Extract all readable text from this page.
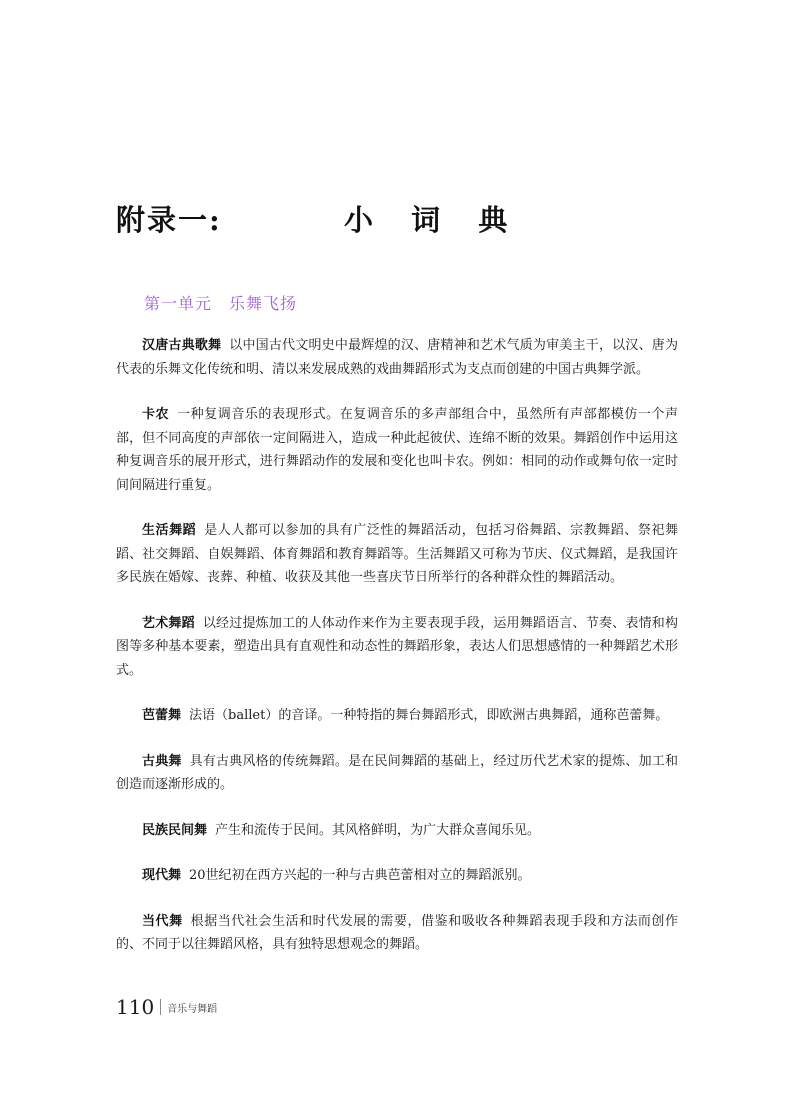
附录一:	小 词 典
第一单元　乐舞飞扬

汉唐古典歌舞 以中国古代文明史中最辉煌的汉、唐精神和艺术气质为审美主干，以汉、唐为代表的乐舞文化传统和明、清以来发展成熟的戏曲舞蹈形式为支点而创建的中国古典舞学派。

卡农 一种复调音乐的表现形式。在复调音乐的多声部组合中，虽然所有声部都模仿一个声部，但不同高度的声部依一定间隔进入，造成一种此起彼伏、连绵不断的效果。舞蹈创作中运用这种复调音乐的展开形式，进行舞蹈动作的发展和变化也叫卡农。例如：相同的动作或舞句依一定时间间隔进行重复。

生活舞蹈 是人人都可以参加的具有广泛性的舞蹈活动，包括习俗舞蹈、宗教舞蹈、祭祀舞蹈、社交舞蹈、自娱舞蹈、体育舞蹈和教育舞蹈等。生活舞蹈又可称为节庆、仪式舞蹈，是我国许多民族在婚嫁、丧葬、种植、收获及其他一些喜庆节日所举行的各种群众性的舞蹈活动。

艺术舞蹈 以经过提炼加工的人体动作来作为主要表现手段，运用舞蹈语言、节奏、表情和构图等多种基本要素，塑造出具有直观性和动态性的舞蹈形象，表达人们思想感情的一种舞蹈艺术形式。

芭蕾舞 法语（ballet）的音译。一种特指的舞台舞蹈形式，即欧洲古典舞蹈，通称芭蕾舞。

古典舞 具有古典风格的传统舞蹈。是在民间舞蹈的基础上，经过历代艺术家的提炼、加工和创造而逐渐形成的。

民族民间舞 产生和流传于民间。其风格鲜明，为广大群众喜闻乐见。

现代舞 20世纪初在西方兴起的一种与古典芭蕾相对立的舞蹈派别。

当代舞 根据当代社会生活和时代发展的需要，借鉴和吸收各种舞蹈表现手段和方法而创作的、不同于以往舞蹈风格，具有独特思想观念的舞蹈。

110 音乐与舞蹈
